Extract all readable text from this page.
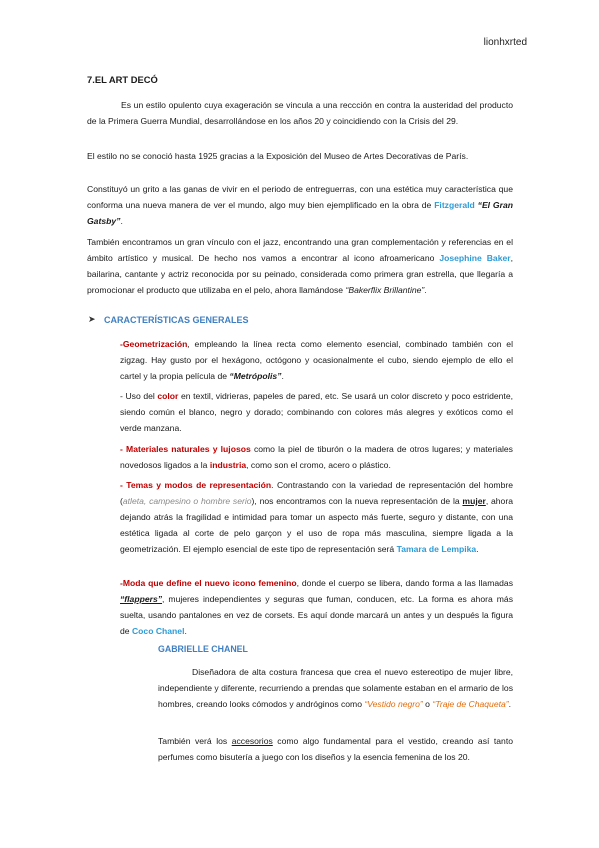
lionhxrted
7.EL ART DECÓ
Es un estilo opulento cuya exageración se vincula a una reccción en contra la austeridad del producto de la Primera Guerra Mundial, desarrollándose en los años 20 y coincidiendo con la Crisis del 29.
El estilo no se conoció hasta 1925 gracias a la Exposición del Museo de Artes Decorativas de París.
Constituyó un grito a las ganas de vivir en el periodo de entreguerras, con una estética muy característica que conforma una nueva manera de ver el mundo, algo muy bien ejemplificado en la obra de Fitzgerald “El Gran Gatsby”.
También encontramos un gran vínculo con el jazz, encontrando una gran complementación y referencias en el ámbito artístico y musical. De hecho nos vamos a encontrar al icono afroamericano Josephine Baker, bailarina, cantante y actriz reconocida por su peinado, considerada como primera gran estrella, que llegaría a promocionar el producto que utilizaba en el pelo, ahora llamándose “Bakerflix Brillantine”.
➤ CARACTERÍSTICAS GENERALES
-Geometrización, empleando la línea recta como elemento esencial, combinado también con el zigzag. Hay gusto por el hexágono, octógono y ocasionalmente el cubo, siendo ejemplo de ello el cartel y la propia película de “Metrópolis”.
- Uso del color en textil, vidrieras, papeles de pared, etc. Se usará un color discreto y poco estridente, siendo común el blanco, negro y dorado; combinando con colores más alegres y exóticos como el verde manzana.
- Materiales naturales y lujosos como la piel de tiburón o la madera de otros lugares; y materiales novedosos ligados a la industria, como son el cromo, acero o plástico.
- Temas y modos de representación. Contrastando con la variedad de representación del hombre (atleta, campesino o hombre serio), nos encontramos con la nueva representación de la mujer, ahora dejando atrás la fragilidad e intimidad para tomar un aspecto más fuerte, seguro y distante, con una estética ligada al corte de pelo garçon y el uso de ropa más masculina, siempre ligada a la geometrización. El ejemplo esencial de este tipo de representación será Tamara de Lempika.
-Moda que define el nuevo icono femenino, donde el cuerpo se libera, dando forma a las llamadas “flappers”, mujeres independientes y seguras que fuman, conducen, etc. La forma es ahora más suelta, usando pantalones en vez de corsets. Es aquí donde marcará un antes y un después la figura de Coco Chanel.
GABRIELLE CHANEL
Diseñadora de alta costura francesa que crea el nuevo estereotipo de mujer libre, independiente y diferente, recurriendo a prendas que solamente estaban en el armario de los hombres, creando looks cómodos y andróginos como “Vestido negro” o “Traje de Chaqueta”.
También verá los accesorios como algo fundamental para el vestido, creando así tanto perfumes como bisutería a juego con los diseños y la esencia femenina de los 20.
